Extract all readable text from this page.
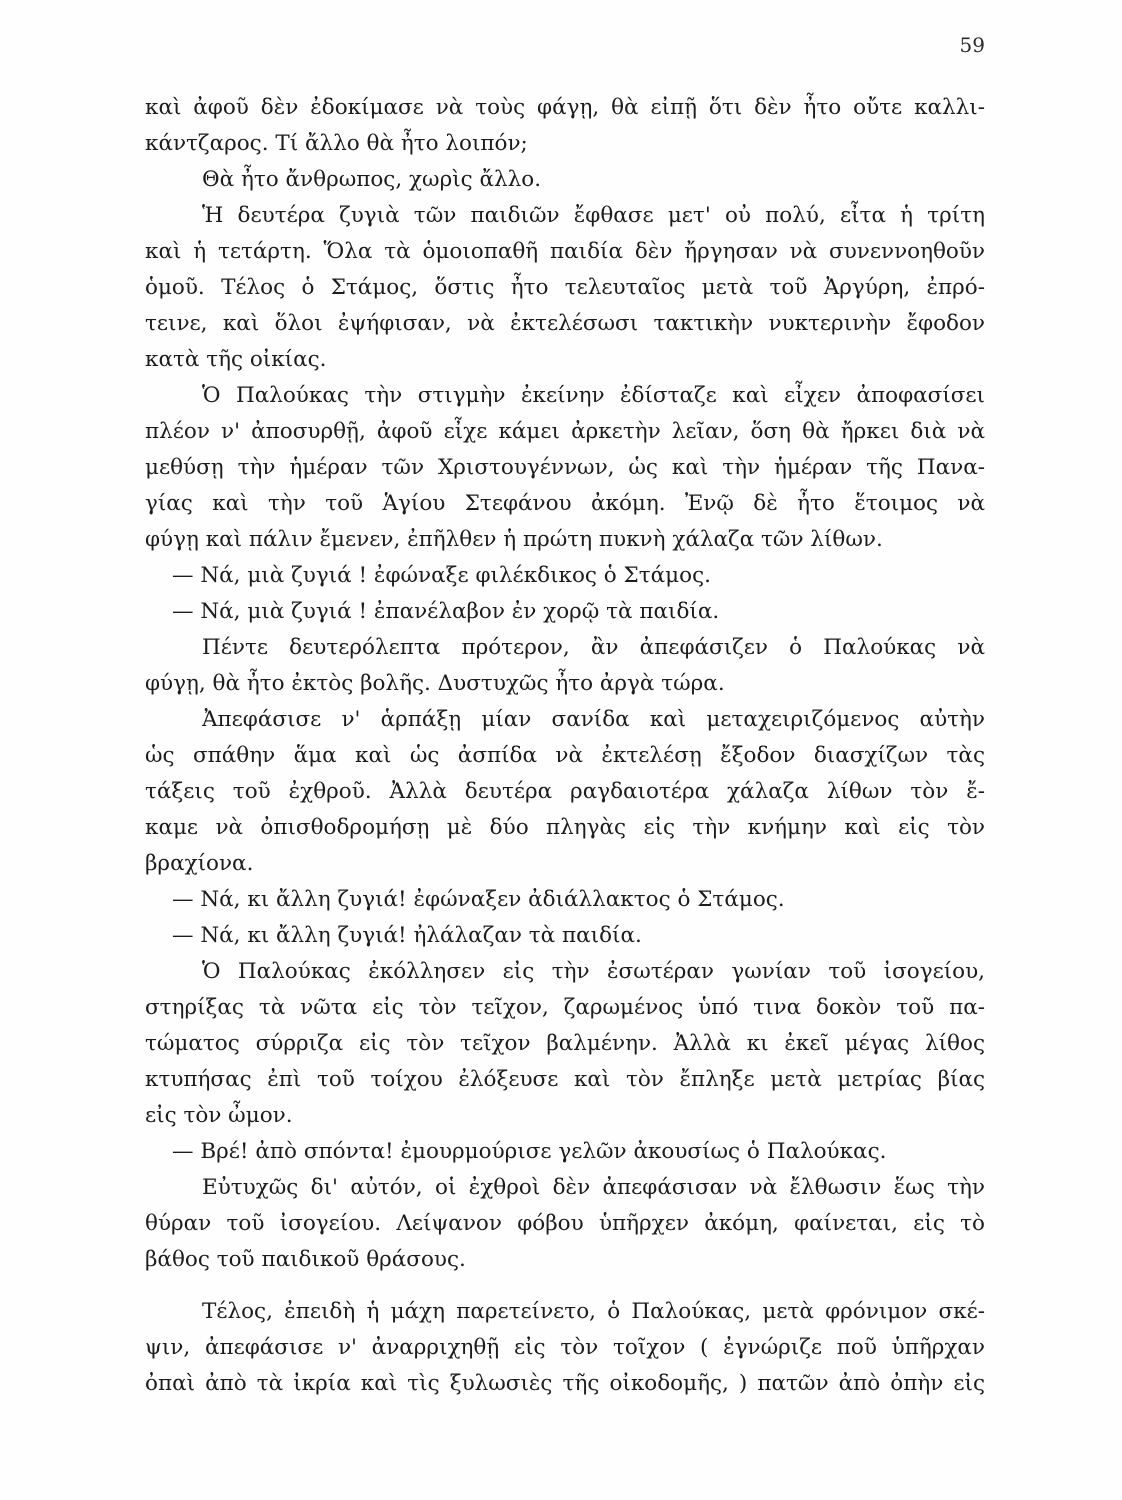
59
καὶ ἀφοῦ δὲν ἐδοκίμασε νὰ τοὺς φάγῃ, θὰ εἰπῇ ὅτι δὲν ἦτο οὔτε καλλι-
κάντζαρος. Τί ἄλλο θὰ ἦτο λοιπόν;
Θὰ ἦτο ἄνθρωπος, χωρὶς ἄλλο.
Ἡ δευτέρα ζυγιὰ τῶν παιδιῶν ἔφθασε μετ' οὐ πολύ, εἶτα ἡ τρίτη
καὶ ἡ τετάρτη. Ὅλα τὰ ὁμοιοπαθῆ παιδία δὲν ἤργησαν νὰ συνεννοηθοῦν
ὁμοῦ. Τέλος ὁ Στάμος, ὅστις ἦτο τελευταῖος μετὰ τοῦ Ἀργύρη, ἐπρό-
τεινε, καὶ ὅλοι ἐψήφισαν, νὰ ἐκτελέσωσι τακτικὴν νυκτερινὴν ἔφοδον
κατὰ τῆς οἰκίας.
Ὁ Παλούκας τὴν στιγμὴν ἐκείνην ἐδίσταζε καὶ εἶχεν ἀποφασίσει
πλέον ν' ἀποσυρθῇ, ἀφοῦ εἶχε κάμει ἀρκετὴν λεῖαν, ὅση θὰ ἤρκει διὰ νὰ
μεθύσῃ τὴν ἡμέραν τῶν Χριστουγέννων, ὡς καὶ τὴν ἡμέραν τῆς Πανα-
γίας καὶ τὴν τοῦ Ἁγίου Στεφάνου ἀκόμη. Ἐνῷ δὲ ἦτο ἕτοιμος νὰ
φύγῃ καὶ πάλιν ἔμενεν, ἐπῆλθεν ἡ πρώτη πυκνὴ χάλαζα τῶν λίθων.
— Νά, μιὰ ζυγιά ! ἐφώναξε φιλέκδικος ὁ Στάμος.
— Νά, μιὰ ζυγιά ! ἐπανέλαβον ἐν χορῷ τὰ παιδία.
Πέντε δευτερόλεπτα πρότερον, ἂν ἀπεφάσιζεν ὁ Παλούκας νὰ
φύγῃ, θὰ ἦτο ἐκτὸς βολῆς. Δυστυχῶς ἦτο ἀργὰ τώρα.
Ἀπεφάσισε ν' ἁρπάξῃ μίαν σανίδα καὶ μεταχειριζόμενος αὐτὴν
ὡς σπάθην ἅμα καὶ ὡς ἀσπίδα νὰ ἐκτελέσῃ ἔξοδον διασχίζων τὰς
τάξεις τοῦ ἐχθροῦ. Ἀλλὰ δευτέρα ραγδαιοτέρα χάλαζα λίθων τὸν ἔ-
καμε νὰ ὀπισθοδρομήσῃ μὲ δύο πληγὰς εἰς τὴν κνήμην καὶ εἰς τὸν
βραχίονα.
— Νά, κι ἄλλη ζυγιά! ἐφώναξεν ἀδιάλλακτος ὁ Στάμος.
— Νά, κι ἄλλη ζυγιά! ἠλάλαζαν τὰ παιδία.
Ὁ Παλούκας ἐκόλλησεν εἰς τὴν ἐσωτέραν γωνίαν τοῦ ἰσογείου,
στηρίξας τὰ νῶτα εἰς τὸν τεῖχον, ζαρωμένος ὑπό τινα δοκὸν τοῦ πα-
τώματος σύρριζα εἰς τὸν τεῖχον βαλμένην. Ἀλλὰ κι ἐκεῖ μέγας λίθος
κτυπήσας ἐπὶ τοῦ τοίχου ἐλόξευσε καὶ τὸν ἔπληξε μετὰ μετρίας βίας
εἰς τὸν ὦμον.
— Βρέ! ἀπὸ σπόντα! ἐμουρμούρισε γελῶν ἀκουσίως ὁ Παλούκας.
Εὐτυχῶς δι' αὐτόν, οἱ ἐχθροὶ δὲν ἀπεφάσισαν νὰ ἔλθωσιν ἕως τὴν
θύραν τοῦ ἰσογείου. Λείψανον φόβου ὑπῆρχεν ἀκόμη, φαίνεται, εἰς τὸ
βάθος τοῦ παιδικοῦ θράσους.
Τέλος, ἐπειδὴ ἡ μάχη παρετείνετο, ὁ Παλούκας, μετὰ φρόνιμον σκέ-
ψιν, ἀπεφάσισε ν' ἀναρριχηθῇ εἰς τὸν τοῖχον ( ἐγνώριζε ποῦ ὑπῆρχαν
ὀπαὶ ἀπὸ τὰ ἰκρία καὶ τὶς ξυλωσιὲς τῆς οἰκοδομῆς, ) πατῶν ἀπὸ ὀπὴν εἰς
